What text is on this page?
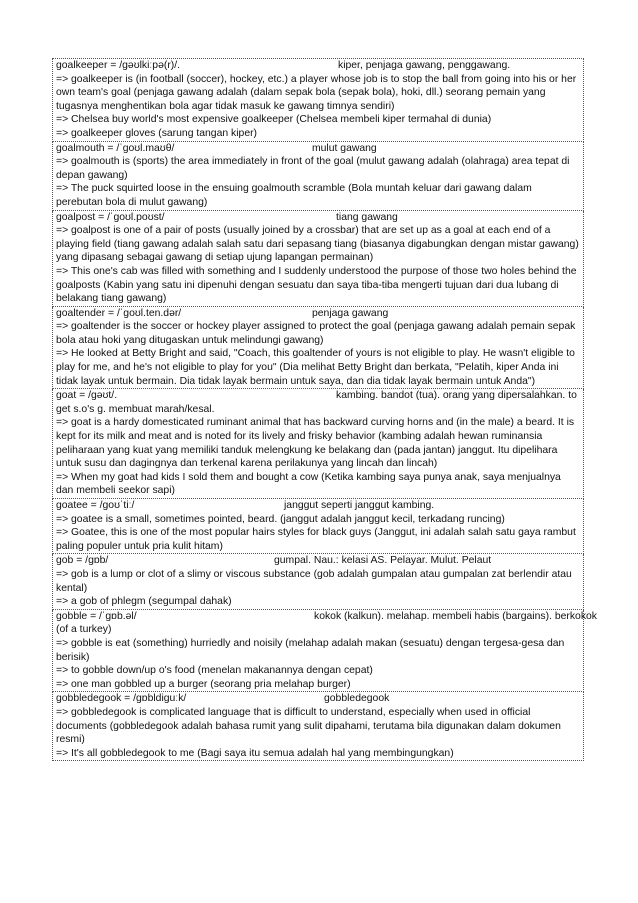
goalkeeper = /ɡəʊlkiːpə(r)/.	kiper, penjaga gawang, penggawang.
=> goalkeeper is (in football (soccer), hockey, etc.) a player whose job is to stop the ball from going into his or her own team's goal (penjaga gawang adalah (dalam sepak bola (sepak bola), hoki, dll.) seorang pemain yang tugasnya menghentikan bola agar tidak masuk ke gawang timnya sendiri)
=> Chelsea buy world's most expensive goalkeeper (Chelsea membeli kiper termahal di dunia)
=> goalkeeper gloves (sarung tangan kiper)
goalmouth = /ˈɡoʊl.maʊθ/	mulut gawang
=> goalmouth is (sports) the area immediately in front of the goal (mulut gawang adalah (olahraga) area tepat di depan gawang)
=> The puck squirted loose in the ensuing goalmouth scramble (Bola muntah keluar dari gawang dalam perebutan bola di mulut gawang)
goalpost = /ˈɡoʊl.poʊst/	tiang gawang
=> goalpost is one of a pair of posts (usually joined by a crossbar) that are set up as a goal at each end of a playing field (tiang gawang adalah salah satu dari sepasang tiang (biasanya digabungkan dengan mistar gawang) yang dipasang sebagai gawang di setiap ujung lapangan permainan)
=> This one's cab was filled with something and I suddenly understood the purpose of those two holes behind the goalposts (Kabin yang satu ini dipenuhi dengan sesuatu dan saya tiba-tiba mengerti tujuan dari dua lubang di belakang tiang gawang)
goaltender = /ˈɡoʊl.ten.dər/	penjaga gawang
=> goaltender is the soccer or hockey player assigned to protect the goal (penjaga gawang adalah pemain sepak bola atau hoki yang ditugaskan untuk melindungi gawang)
=> He looked at Betty Bright and said, "Coach, this goaltender of yours is not eligible to play. He wasn't eligible to play for me, and he's not eligible to play for you" (Dia melihat Betty Bright dan berkata, "Pelatih, kiper Anda ini tidak layak untuk bermain. Dia tidak layak bermain untuk saya, dan dia tidak layak bermain untuk Anda")
goat = /gəʊt/.	kambing. bandot (tua). orang yang dipersalahkan. to
get s.o's g. membuat marah/kesal.
=> goat is a hardy domesticated ruminant animal that has backward curving horns and (in the male) a beard. It is kept for its milk and meat and is noted for its lively and frisky behavior (kambing adalah hewan ruminansia peliharaan yang kuat yang memiliki tanduk melengkung ke belakang dan (pada jantan) janggut. Itu dipelihara untuk susu dan dagingnya dan terkenal karena perilakunya yang lincah dan lincah)
=> When my goat had kids I sold them and bought a cow (Ketika kambing saya punya anak, saya menjualnya dan membeli seekor sapi)
goatee = /ɡoʊˈtiː/	janggut seperti janggut kambing.
=> goatee is a small, sometimes pointed, beard. (janggut adalah janggut kecil, terkadang runcing)
=> Goatee, this is one of the most popular hairs styles for black guys (Janggut, ini adalah salah satu gaya rambut paling populer untuk pria kulit hitam)
gob = /ɡɒb/	gumpal. Nau.: kelasi AS. Pelayar. Mulut. Pelaut
=> gob is a lump or clot of a slimy or viscous substance (gob adalah gumpalan atau gumpalan zat berlendir atau kental)
=> a gob of phlegm (segumpal dahak)
gobble = /ˈɡɒb.əl/	kokok (kalkun). melahap. membeli habis (bargains). berkokok
(of a turkey)
=> gobble is eat (something) hurriedly and noisily (melahap adalah makan (sesuatu) dengan tergesa-gesa dan berisik)
=> to gobble down/up o's food (menelan makanannya dengan cepat)
=> one man gobbled up a burger (seorang pria melahap burger)
gobbledegook = /ɡɒbldiɡuːk/	gobbledegook
=> gobbledegook is complicated language that is difficult to understand, especially when used in official documents (gobbledegook adalah bahasa rumit yang sulit dipahami, terutama bila digunakan dalam dokumen resmi)
=> It's all gobbledegook to me (Bagi saya itu semua adalah hal yang membingungkan)
